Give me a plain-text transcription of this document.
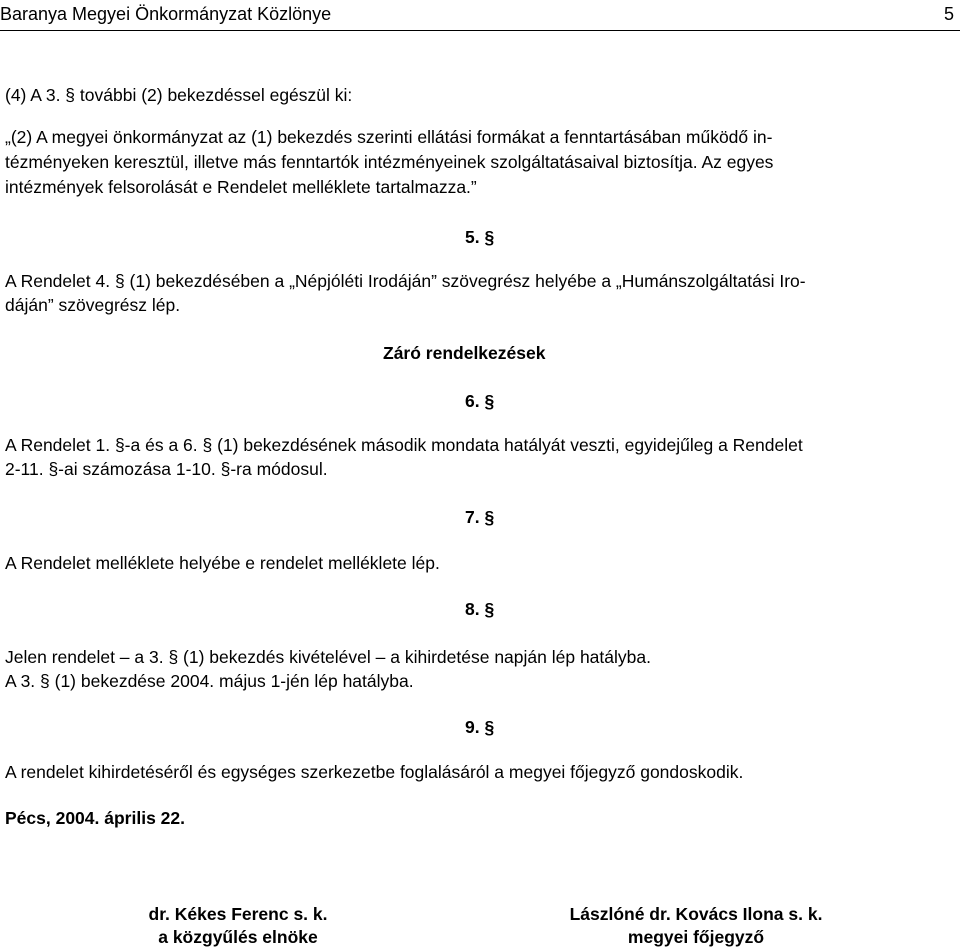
Baranya Megyei Önkormányzat Közlönye	5
(4) A 3. § további (2) bekezdéssel egészül ki:
„(2) A megyei önkormányzat az (1) bekezdés szerinti ellátási formákat a fenntartásában működő in-
tézményeken keresztül, illetve más fenntartók intézményeinek szolgáltatásaival biztosítja. Az egyes
intézmények felsorolását e Rendelet melléklete tartalmazza.”
5. §
A Rendelet 4. § (1) bekezdésében a „Népjóléti Irodáján” szövegrész helyébe a „Humánszolgáltatási Iro-
dáján” szövegrész lép.
Záró rendelkezések
6. §
A Rendelet 1. §-a és a 6. § (1) bekezdésének második mondata hatályát veszti, egyidejűleg a Rendelet
2-11. §-ai számozása 1-10. §-ra módosul.
7. §
A Rendelet melléklete helyébe e rendelet melléklete lép.
8. §
Jelen rendelet – a 3. § (1) bekezdés kivételével – a kihirdetése napján lép hatályba.
A 3. § (1) bekezdése 2004. május 1-jén lép hatályba.
9. §
A rendelet kihirdetéséről és egységes szerkezetbe foglalásáról a megyei főjegyző gondoskodik.
Pécs, 2004. április 22.
dr. Kékes Ferenc s. k.
a közgyűlés elnöke
Lászlóné dr. Kovács Ilona s. k.
megyei főjegyző
